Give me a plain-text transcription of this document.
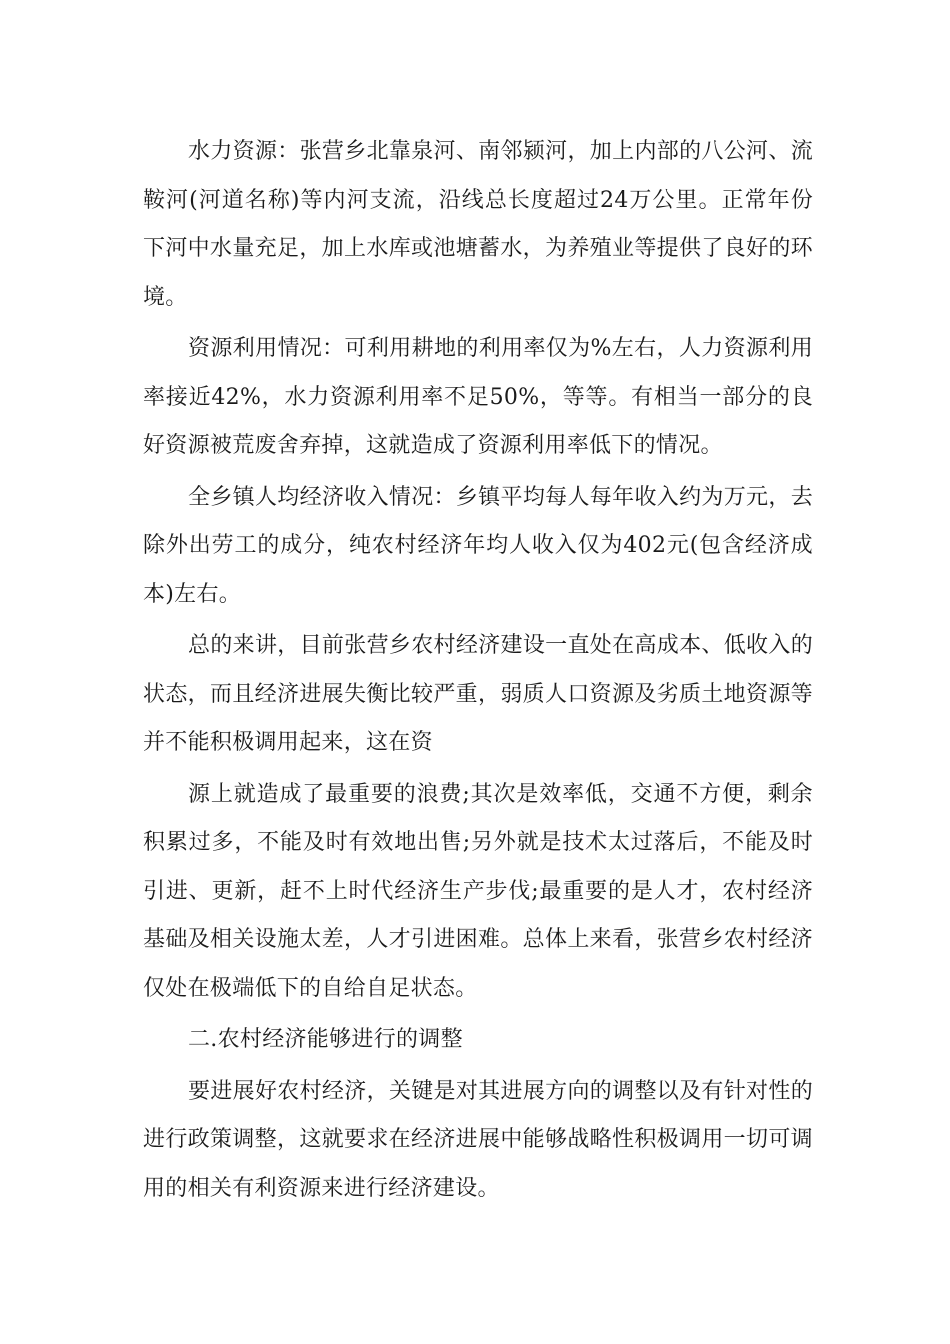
水力资源：张营乡北靠泉河、南邻颍河，加上内部的八公河、流鞍河(河道名称)等内河支流，沿线总长度超过24万公里。正常年份下河中水量充足，加上水库或池塘蓄水，为养殖业等提供了良好的环境。

资源利用情况：可利用耕地的利用率仅为%左右，人力资源利用率接近42%，水力资源利用率不足50%，等等。有相当一部分的良好资源被荒废舍弃掉，这就造成了资源利用率低下的情况。

全乡镇人均经济收入情况：乡镇平均每人每年收入约为万元，去除外出劳工的成分，纯农村经济年均人收入仅为402元(包含经济成本)左右。

总的来讲，目前张营乡农村经济建设一直处在高成本、低收入的状态，而且经济进展失衡比较严重，弱质人口资源及劣质土地资源等并不能积极调用起来，这在资

源上就造成了最重要的浪费;其次是效率低，交通不方便，剩余积累过多，不能及时有效地出售;另外就是技术太过落后，不能及时引进、更新，赶不上时代经济生产步伐;最重要的是人才，农村经济基础及相关设施太差，人才引进困难。总体上来看，张营乡农村经济仅处在极端低下的自给自足状态。

二.农村经济能够进行的调整

要进展好农村经济，关键是对其进展方向的调整以及有针对性的进行政策调整，这就要求在经济进展中能够战略性积极调用一切可调用的相关有利资源来进行经济建设。
